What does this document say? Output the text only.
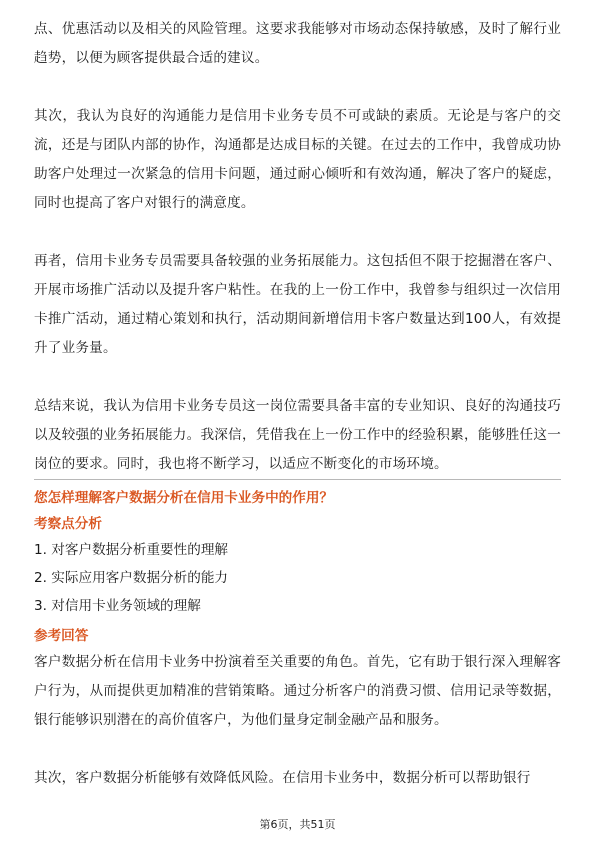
点、优惠活动以及相关的风险管理。这要求我能够对市场动态保持敏感，及时了解行业趋势，以便为顾客提供最合适的建议。

其次，我认为良好的沟通能力是信用卡业务专员不可或缺的素质。无论是与客户的交流，还是与团队内部的协作，沟通都是达成目标的关键。在过去的工作中，我曾成功协助客户处理过一次紧急的信用卡问题，通过耐心倾听和有效沟通，解决了客户的疑虑，同时也提高了客户对银行的满意度。

再者，信用卡业务专员需要具备较强的业务拓展能力。这包括但不限于挖掘潜在客户、开展市场推广活动以及提升客户粘性。在我的上一份工作中，我曾参与组织过一次信用卡推广活动，通过精心策划和执行，活动期间新增信用卡客户数量达到100人，有效提升了业务量。

总结来说，我认为信用卡业务专员这一岗位需要具备丰富的专业知识、良好的沟通技巧以及较强的业务拓展能力。我深信，凭借我在上一份工作中的经验积累，能够胜任这一岗位的要求。同时，我也将不断学习，以适应不断变化的市场环境。

您怎样理解客户数据分析在信用卡业务中的作用？

考察点分析

1. 对客户数据分析重要性的理解

2. 实际应用客户数据分析的能力

3. 对信用卡业务领域的理解

参考回答

客户数据分析在信用卡业务中扮演着至关重要的角色。首先，它有助于银行深入理解客户行为，从而提供更加精准的营销策略。通过分析客户的消费习惯、信用记录等数据，银行能够识别潜在的高价值客户，为他们量身定制金融产品和服务。

其次，客户数据分析能够有效降低风险。在信用卡业务中，数据分析可以帮助银行

第6页，共51页
